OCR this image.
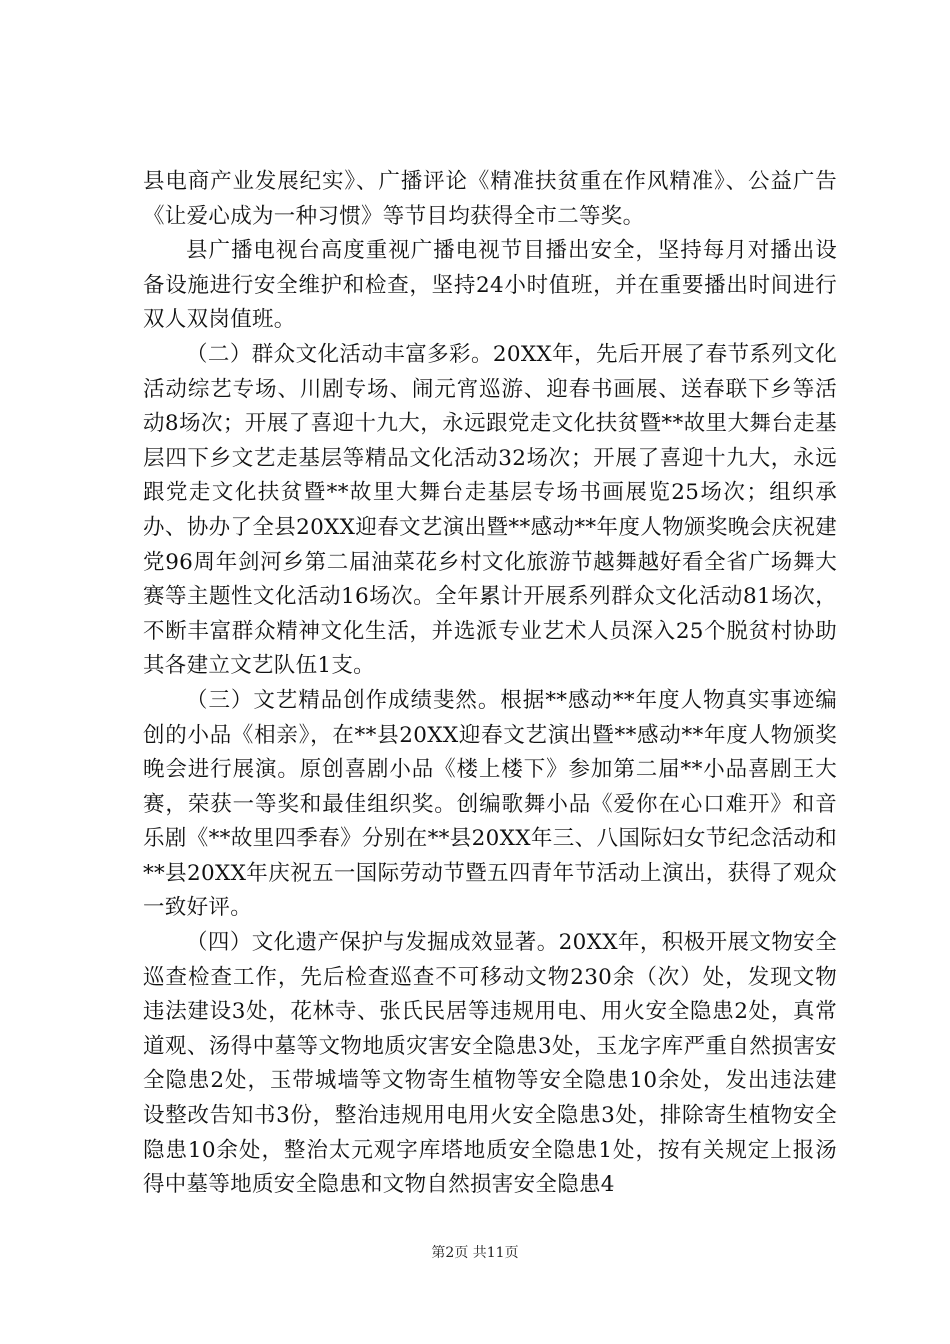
县电商产业发展纪实》、广播评论《精准扶贫重在作风精准》、公益广告《让爱心成为一种习惯》等节目均获得全市二等奖。

县广播电视台高度重视广播电视节目播出安全，坚持每月对播出设备设施进行安全维护和检查，坚持24小时值班，并在重要播出时间进行双人双岗值班。

（二）群众文化活动丰富多彩。20XX年，先后开展了春节系列文化活动综艺专场、川剧专场、闹元宵巡游、迎春书画展、送春联下乡等活动8场次；开展了喜迎十九大，永远跟党走文化扶贫暨**故里大舞台走基层四下乡文艺走基层等精品文化活动32场次；开展了喜迎十九大，永远跟党走文化扶贫暨**故里大舞台走基层专场书画展览25场次；组织承办、协办了全县20XX迎春文艺演出暨**感动**年度人物颁奖晚会庆祝建党96周年剑河乡第二届油菜花乡村文化旅游节越舞越好看全省广场舞大赛等主题性文化活动16场次。全年累计开展系列群众文化活动81场次，不断丰富群众精神文化生活，并选派专业艺术人员深入25个脱贫村协助其各建立文艺队伍1支。

（三）文艺精品创作成绩斐然。根据**感动**年度人物真实事迹编创的小品《相亲》，在**县20XX迎春文艺演出暨**感动**年度人物颁奖晚会进行展演。原创喜剧小品《楼上楼下》参加第二届**小品喜剧王大赛，荣获一等奖和最佳组织奖。创编歌舞小品《爱你在心口难开》和音乐剧《**故里四季春》分别在**县20XX年三、八国际妇女节纪念活动和**县20XX年庆祝五一国际劳动节暨五四青年节活动上演出，获得了观众一致好评。

（四）文化遗产保护与发掘成效显著。20XX年，积极开展文物安全巡查检查工作，先后检查巡查不可移动文物230余（次）处，发现文物违法建设3处，花林寺、张氏民居等违规用电、用火安全隐患2处，真常道观、汤得中墓等文物地质灾害安全隐患3处，玉龙字库严重自然损害安全隐患2处，玉带城墙等文物寄生植物等安全隐患10余处，发出违法建设整改告知书3份，整治违规用电用火安全隐患3处，排除寄生植物安全隐患10余处，整治太元观字库塔地质安全隐患1处，按有关规定上报汤得中墓等地质安全隐患和文物自然损害安全隐患4

第2页 共11页
